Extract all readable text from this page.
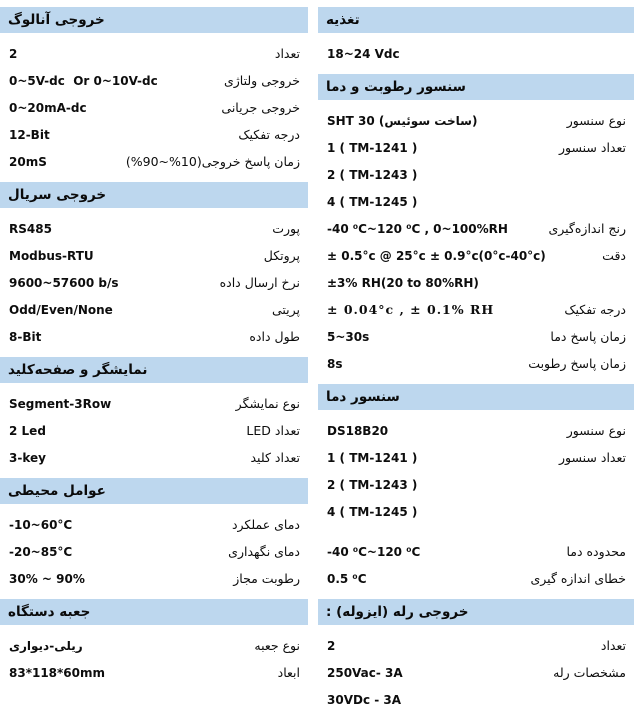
خروجی آنالوگ
2	تعداد
0~5V-dc  Or 0~10V-dc	خروجی ولتاژی
0~20mA-dc	خروجی جریانی
12-Bit	درجه تفکیک
20mS	زمان پاسخ خروجی(10%~90%)
خروجی سریال
RS485	پورت
Modbus-RTU	پروتکل
9600~57600 b/s	نرخ ارسال داده
Odd/Even/None	پریتی
8-Bit	طول داده
نمایشگر و صفحه‌کلید
Segment-3Row	نوع نمایشگر
2 Led	تعداد LED
3-key	تعداد کلید
عوامل محیطی
-10~60°C	دمای عملکرد
-20~85°C	دمای نگهداری
30% ~ 90%	رطوبت مجاز
جعبه دستگاه
ریلی-دیواری	نوع جعبه
83*118*60mm	ابعاد
تغذیه
18~24 Vdc
سنسور رطوبت و دما
SHT 30 (ساخت سوئیس)	نوع سنسور
1 ( TM-1241 )	تعداد سنسور
2 ( TM-1243 )
4 ( TM-1245 )
-40 ⁰C~120 ⁰C , 0~100%RH	رنج اندازه‌گیری
± 0.5°c @ 25°c ± 0.9°c(0°c-40°c)	دقت
±3% RH(20 to 80%RH)
± 0.04°c , ± 0.1% RH	درجه تفکیک
5~30s	زمان پاسخ دما
8s	زمان پاسخ رطوبت
سنسور دما
DS18B20	نوع سنسور
1 ( TM-1241 )	تعداد سنسور
2 ( TM-1243 )
4 ( TM-1245 )
-40 ⁰C~120 ⁰C	محدوده دما
0.5 ⁰C	خطای اندازه گیری
خروجی رله (ایزوله) :
2	تعداد
250Vac- 3A	مشخصات رله
30VDc - 3A
